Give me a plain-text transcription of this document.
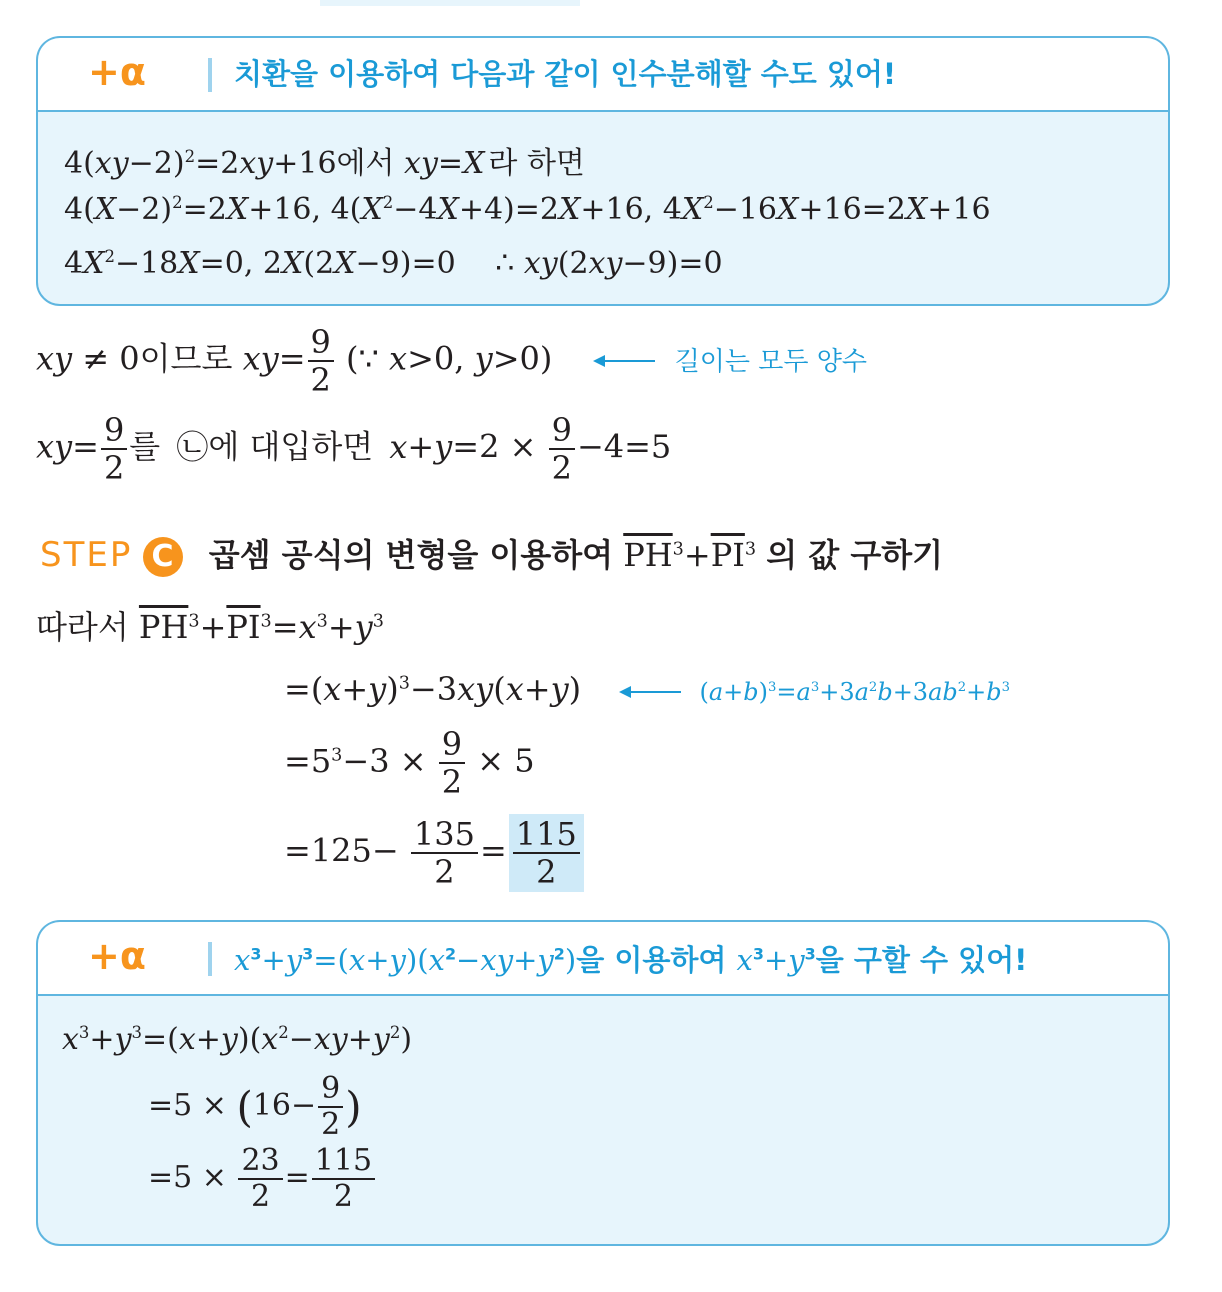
+α	치환을 이용하여 다음과 같이 인수분해할 수도 있어!
$4(xy-2)^2=2xy+16$에서 xy=X 라 하면
$4(X-2)^2=2X+16$, $4(X^2-4X+4)=2X+16$, $4X^2-16X+16=2X+16$
$4X^2-18X=0$, 2X(2X−9)=0 ∴ xy(2xy−9)=0
xy ≠ 0이므로 $xy= \frac{9}{2}$ (∵ x>0, y>0)	길이는 모두 양수
$xy= \frac{9}{2}$ 를 ㉡에 대입하면 $x+y=2 \times \frac{9}{2} -4=5$
STEP C 곱셈 공식의 변형을 이용하여 $\overline{PH}^3+\overline{PI}^3$ 의 값 구하기
따라서 $\overline{PH}^3+\overline{PI}^3=x^3+y^3$
$=(x+y)^3-3xy(x+y)$	$(a+b)^3=a^3+3a^2b+3ab^2+b^3$
$=5^3-3 \times \frac{9}{2} \times 5$
$=125- \frac{135}{2} = \frac{115}{2}$
+α	$x^3+y^3=(x+y)(x^2-xy+y^2)$을 이용하여 $x^3+y^3$을 구할 수 있어!
$x^3+y^3=(x+y)(x^2-xy+y^2)$
$=5 \times (16- \frac{9}{2}$ )
$=5 \times \frac{23}{2} = \frac{115}{2}$
